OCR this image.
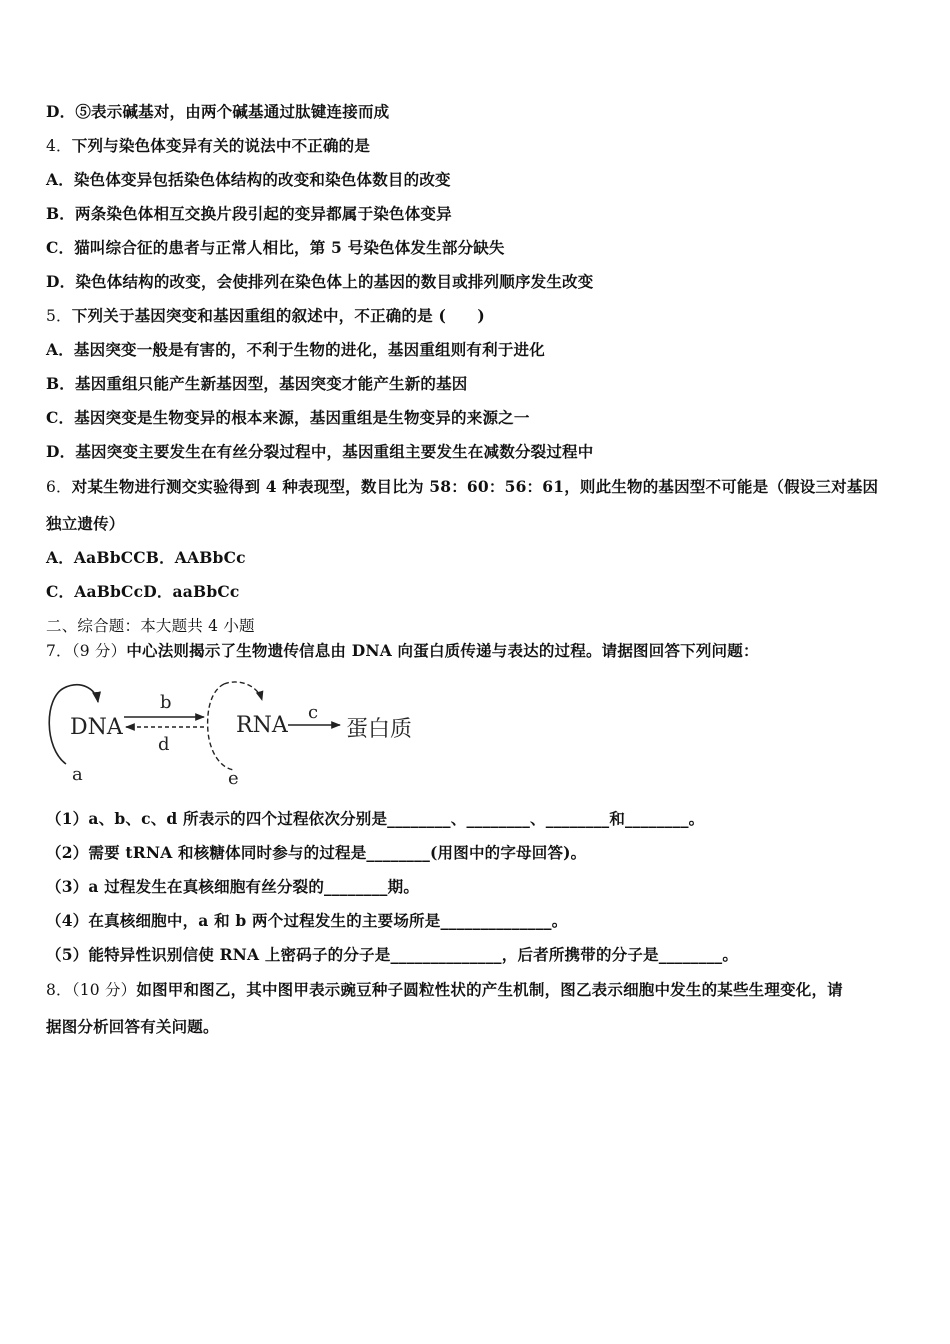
D．⑤表示碱基对，由两个碱基通过肽键连接而成
4．下列与染色体变异有关的说法中不正确的是
A．染色体变异包括染色体结构的改变和染色体数目的改变
B．两条染色体相互交换片段引起的变异都属于染色体变异
C．猫叫综合征的患者与正常人相比，第 5 号染色体发生部分缺失
D．染色体结构的改变，会使排列在染色体上的基因的数目或排列顺序发生改变
5．下列关于基因突变和基因重组的叙述中，不正确的是 (　　)
A．基因突变一般是有害的，不利于生物的进化，基因重组则有利于进化
B．基因重组只能产生新基因型，基因突变才能产生新的基因
C．基因突变是生物变异的根本来源，基因重组是生物变异的来源之一
D．基因突变主要发生在有丝分裂过程中，基因重组主要发生在减数分裂过程中
6．对某生物进行测交实验得到 4 种表现型，数目比为 58：60：56：61，则此生物的基因型不可能是（假设三对基因
独立遗传）
A．AaBbCCB．AABbCc
C．AaBbCcD．aaBbCc
二、综合题：本大题共 4 小题
7．（9 分）中心法则揭示了生物遗传信息由 DNA 向蛋白质传递与表达的过程。请据图回答下列问题：
DNA
a
b
d
RNA
e
c
蛋白质
（1）a、b、c、d 所表示的四个过程依次分别是________、________、________和________。
（2）需要 tRNA 和核糖体同时参与的过程是________(用图中的字母回答)。
（3）a 过程发生在真核细胞有丝分裂的________期。
（4）在真核细胞中，a 和 b 两个过程发生的主要场所是______________。
（5）能特异性识别信使 RNA 上密码子的分子是______________，后者所携带的分子是________。
8．（10 分）如图甲和图乙，其中图甲表示豌豆种子圆粒性状的产生机制，图乙表示细胞中发生的某些生理变化，请
据图分析回答有关问题。
